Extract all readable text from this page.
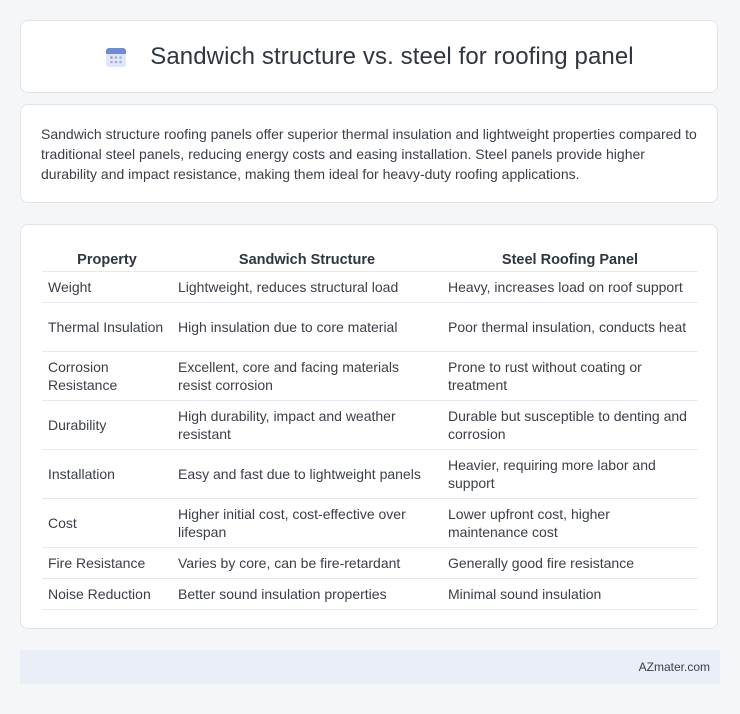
Sandwich structure vs. steel for roofing panel

Sandwich structure roofing panels offer superior thermal insulation and lightweight properties compared to traditional steel panels, reducing energy costs and easing installation. Steel panels provide higher durability and impact resistance, making them ideal for heavy-duty roofing applications.

Property	Sandwich Structure	Steel Roofing Panel
Weight	Lightweight, reduces structural load	Heavy, increases load on roof support
Thermal Insulation	High insulation due to core material	Poor thermal insulation, conducts heat
Corrosion Resistance	Excellent, core and facing materials resist corrosion	Prone to rust without coating or treatment
Durability	High durability, impact and weather resistant	Durable but susceptible to denting and corrosion
Installation	Easy and fast due to lightweight panels	Heavier, requiring more labor and support
Cost	Higher initial cost, cost-effective over lifespan	Lower upfront cost, higher maintenance cost
Fire Resistance	Varies by core, can be fire-retardant	Generally good fire resistance
Noise Reduction	Better sound insulation properties	Minimal sound insulation
AZmater.com
